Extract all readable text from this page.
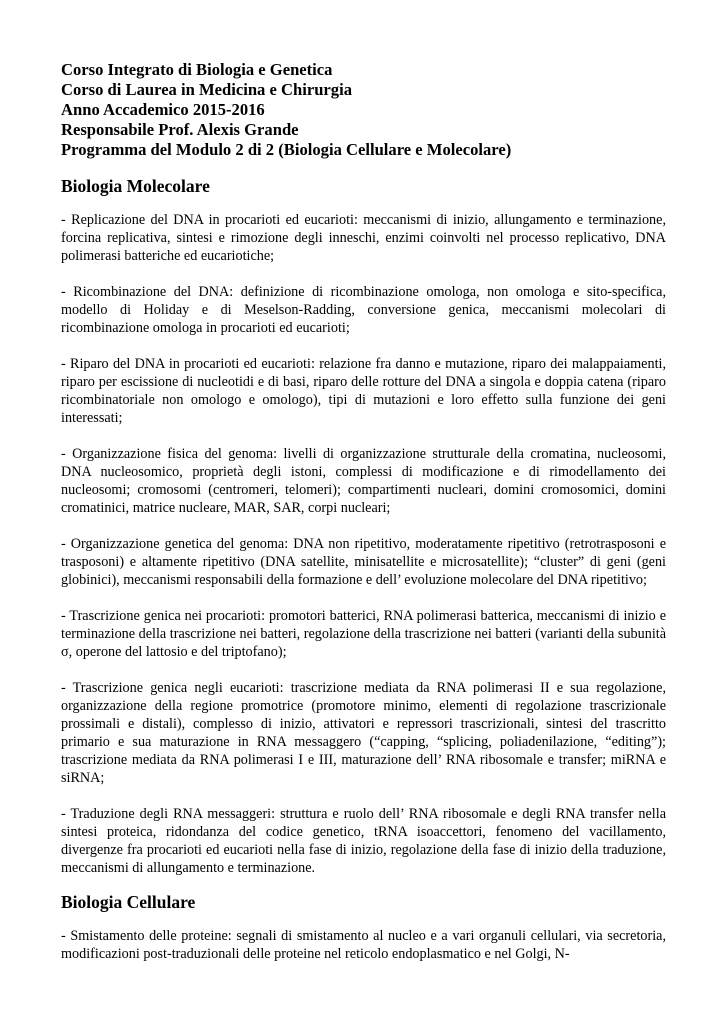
Corso Integrato di Biologia e Genetica
Corso di Laurea in Medicina e Chirurgia
Anno Accademico 2015-2016
Responsabile Prof. Alexis Grande
Programma del Modulo 2 di 2 (Biologia Cellulare e Molecolare)
Biologia Molecolare

- Replicazione del DNA in procarioti ed eucarioti: meccanismi di inizio, allungamento e terminazione, forcina replicativa, sintesi e rimozione degli inneschi, enzimi coinvolti nel processo replicativo, DNA polimerasi batteriche ed eucariotiche;

- Ricombinazione del DNA: definizione di ricombinazione omologa, non omologa e sito-specifica, modello di Holiday e di Meselson-Radding, conversione genica, meccanismi molecolari di ricombinazione omologa in procarioti ed eucarioti;

- Riparo del DNA in procarioti ed eucarioti: relazione fra danno e mutazione, riparo dei malappaiamenti, riparo per escissione di nucleotidi e di basi, riparo delle rotture del DNA a singola e doppia catena (riparo ricombinatoriale non omologo e omologo), tipi di mutazioni e loro effetto sulla funzione dei geni interessati;

- Organizzazione fisica del genoma: livelli di organizzazione strutturale della cromatina, nucleosomi, DNA nucleosomico, proprietà degli istoni, complessi di modificazione e di rimodellamento dei nucleosomi; cromosomi (centromeri, telomeri); compartimenti nucleari, domini cromosomici, domini cromatinici, matrice nucleare, MAR, SAR, corpi nucleari;

- Organizzazione genetica del genoma: DNA non ripetitivo, moderatamente ripetitivo (retrotrasposoni e trasposoni) e altamente ripetitivo (DNA satellite, minisatellite e microsatellite); “cluster” di geni (geni globinici), meccanismi responsabili della formazione e dell’ evoluzione molecolare del DNA ripetitivo;

- Trascrizione genica nei procarioti: promotori batterici, RNA polimerasi batterica, meccanismi di inizio e terminazione della trascrizione nei batteri, regolazione della trascrizione nei batteri (varianti della subunità σ, operone del lattosio e del triptofano);

- Trascrizione genica negli eucarioti: trascrizione mediata da RNA polimerasi II e sua regolazione, organizzazione della regione promotrice (promotore minimo, elementi di regolazione trascrizionale prossimali e distali), complesso di inizio, attivatori e repressori trascrizionali, sintesi del trascritto primario e sua maturazione in RNA messaggero (“capping, “splicing, poliadenilazione, “editing”); trascrizione mediata da RNA polimerasi I e III, maturazione dell’ RNA ribosomale e transfer; miRNA e siRNA;

- Traduzione degli RNA messaggeri: struttura e ruolo dell’ RNA ribosomale e degli RNA transfer nella sintesi proteica, ridondanza del codice genetico, tRNA isoaccettori, fenomeno del vacillamento, divergenze fra procarioti ed eucarioti nella fase di inizio, regolazione della fase di inizio della traduzione, meccanismi di allungamento e terminazione.

Biologia Cellulare

- Smistamento delle proteine: segnali di smistamento al nucleo e a vari organuli cellulari, via secretoria, modificazioni post-traduzionali delle proteine nel reticolo endoplasmatico e nel Golgi, N-
